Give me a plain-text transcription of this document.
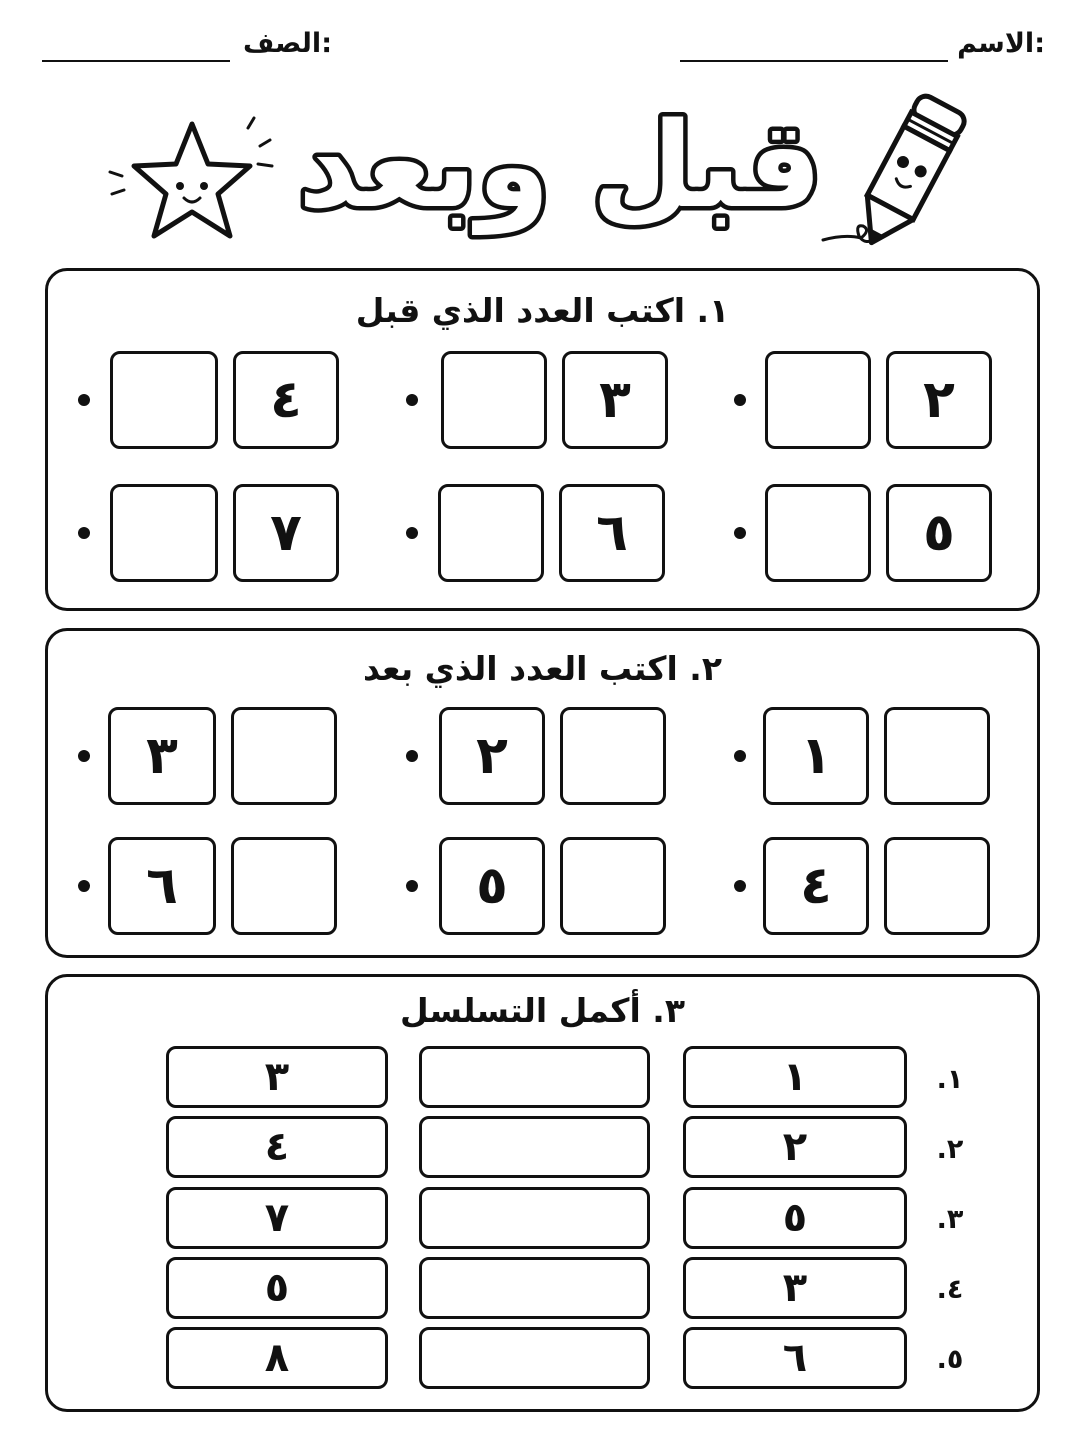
الاسم:
الصف:
قبل وبعد
١. اكتب العدد الذي قبل
٢
٣
٤
٥
٦
٧
٢. اكتب العدد الذي بعد
١
٢
٣
٤
٥
٦
٣. أكمل التسلسل
.١
١
٣
.٢
٢
٤
.٣
٥
٧
.٤
٣
٥
.٥
٦
٨
